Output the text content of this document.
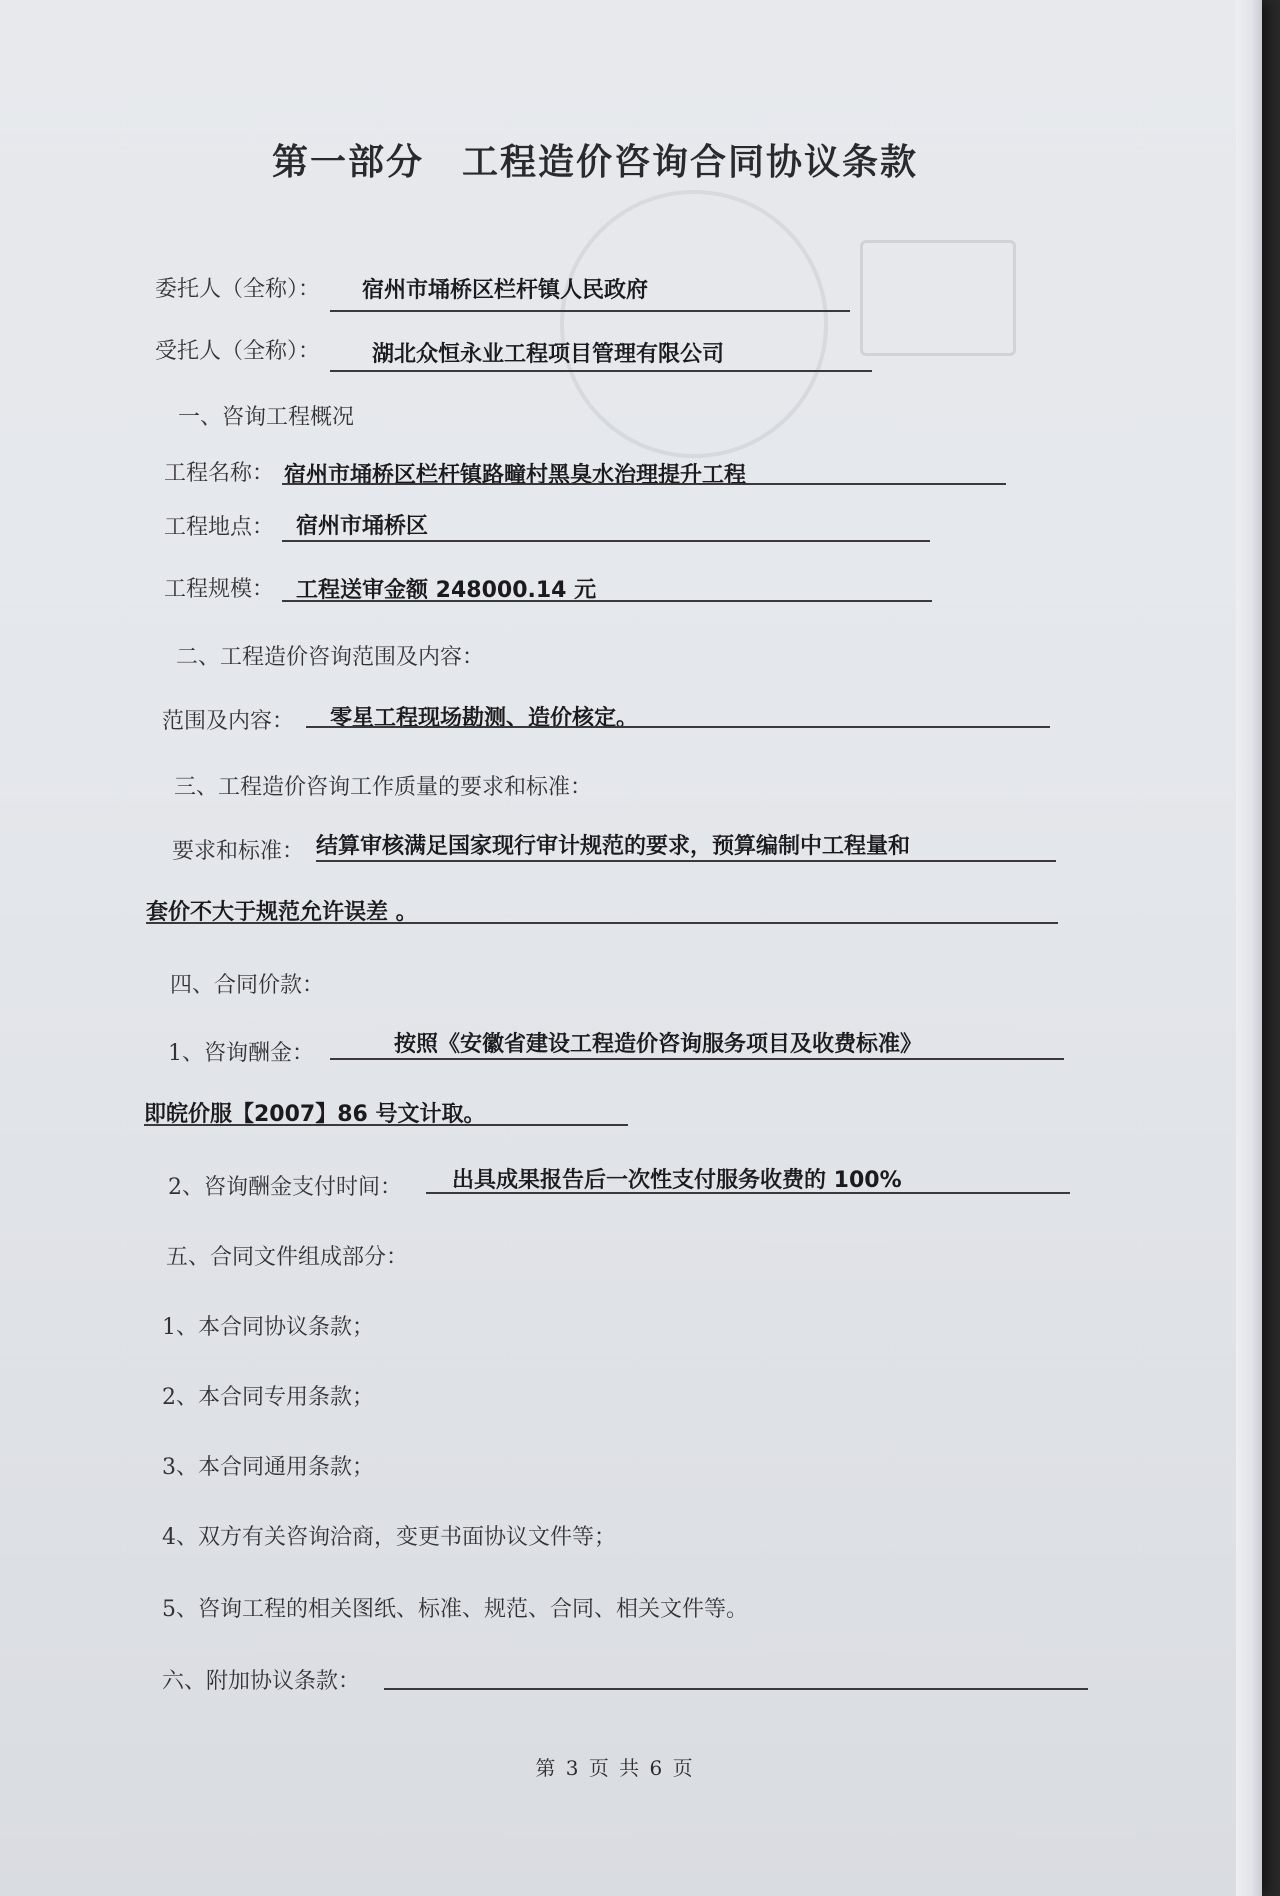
第一部分　工程造价咨询合同协议条款
委托人（全称）： 宿州市埇桥区栏杆镇人民政府
受托人（全称）： 湖北众恒永业工程项目管理有限公司
一、咨询工程概况
工程名称： 宿州市埇桥区栏杆镇路疃村黑臭水治理提升工程
工程地点： 宿州市埇桥区
工程规模： 工程送审金额 248000.14 元
二、工程造价咨询范围及内容：
范围及内容： 零星工程现场勘测、造价核定。
三、工程造价咨询工作质量的要求和标准：
要求和标准： 结算审核满足国家现行审计规范的要求，预算编制中工程量和
套价不大于规范允许误差 。
四、合同价款：
1、咨询酬金：	按照《安徽省建设工程造价咨询服务项目及收费标准》
即皖价服【2007】86 号文计取。
2、咨询酬金支付时间： 出具成果报告后一次性支付服务收费的 100%
五、合同文件组成部分：
1、本合同协议条款；
2、本合同专用条款；
3、本合同通用条款；
4、双方有关咨询洽商，变更书面协议文件等；
5、咨询工程的相关图纸、标准、规范、合同、相关文件等。
六、附加协议条款：
第 3 页 共 6 页
